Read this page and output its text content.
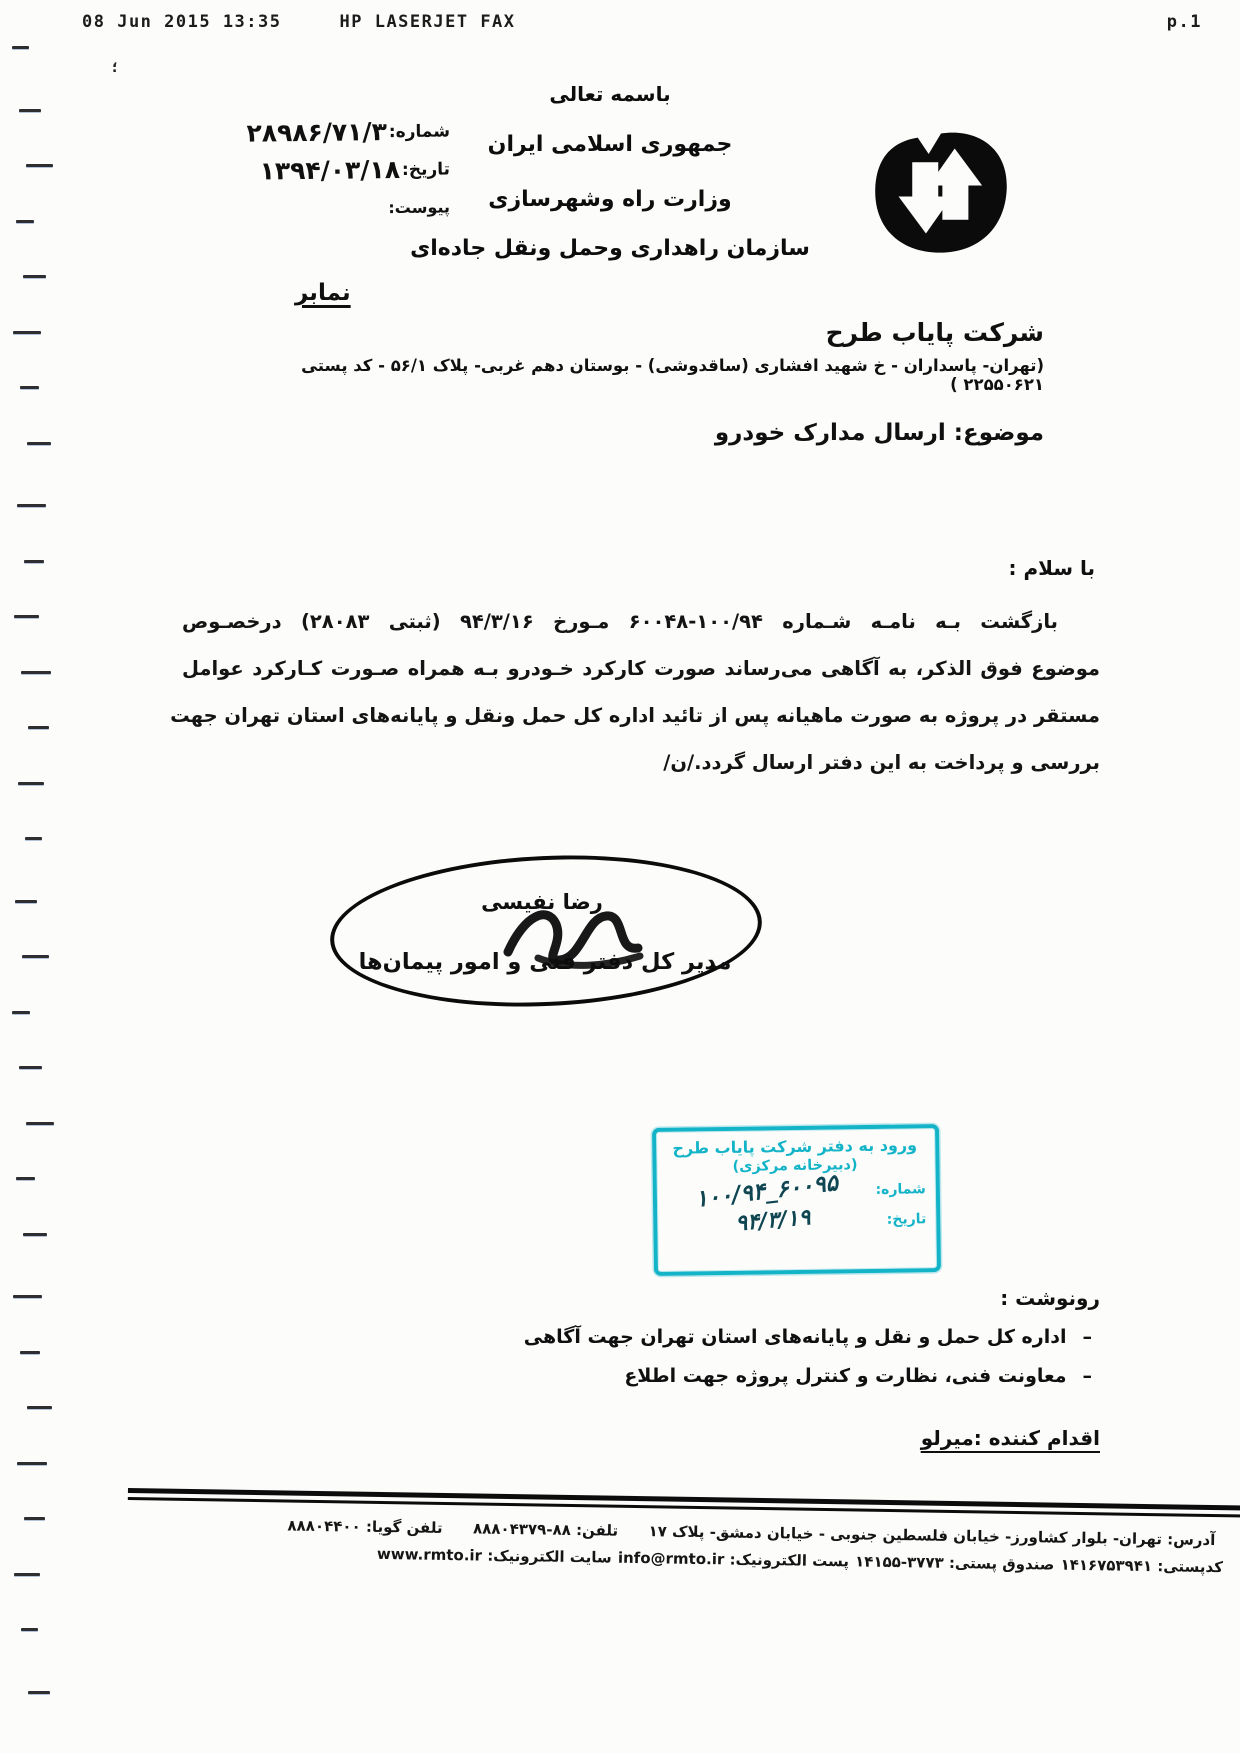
08 Jun 2015 13:35	HP LASERJET FAX	p.1
؛
باسمه تعالی
جمهوری اسلامی ایران
وزارت راه وشهرسازی
سازمان راهداری وحمل ونقل جاده‌ای
شماره:
۲۸۹۸۶/۷۱/۳
تاریخ:
۱۳۹۴/۰۳/۱۸
پیوست:
نمابر
شرکت پایاب طرح
(تهران- پاسداران - خ شهید افشاری (ساقدوشی) - بوستان دهم غربی- پلاک ۵۶/۱ - کد پستی ۲۲۵۵۰۶۲۱ )
موضوع: ارسال مدارک خودرو
با سلام :
بازگشت بـه نامـه شـماره ۱۰۰/۹۴-۶۰۰۴۸ مـورخ ۹۴/۳/۱۶ (ثبتی ۲۸۰۸۳) درخصـوص
موضوع فوق الذکر، به آگاهی می‌رساند صورت کارکرد خـودرو بـه همراه صـورت کـارکرد عوامل
مستقر در پروژه به صورت ماهیانه پس از تائید اداره کل حمل ونقل و پایانه‌های استان تهران جهت
بررسی و پرداخت به این دفتر ارسال گردد./ن/
رضا نفیسی
مدیر کل دفتر فنی و امور پیمان‌ها
ورود به دفتر شرکت پایاب طرح
(دبیرخانه مرکزی)
شماره:
۱۰۰/۹۴_۶۰۰۹۵
تاریخ:
۹۴/۳/۱۹
رونوشت :
–
اداره کل حمل و نقل و پایانه‌های استان تهران جهت آگاهی
–
معاونت فنی، نظارت و کنترل پروژه جهت اطلاع
اقدام کننده :میرلو
آدرس: تهران- بلوار کشاورز- خیابان فلسطین جنوبی - خیابان دمشق- پلاک ۱۷
تلفن: ۸۸-۸۸۸۰۴۳۷۹
تلفن گویا: ۸۸۸۰۴۴۰۰
کدپستی: ۱۴۱۶۷۵۳۹۴۱
صندوق پستی: ۳۷۷۳-۱۴۱۵۵
پست الکترونیک: info@rmto.ir
سایت الکترونیک: www.rmto.ir
